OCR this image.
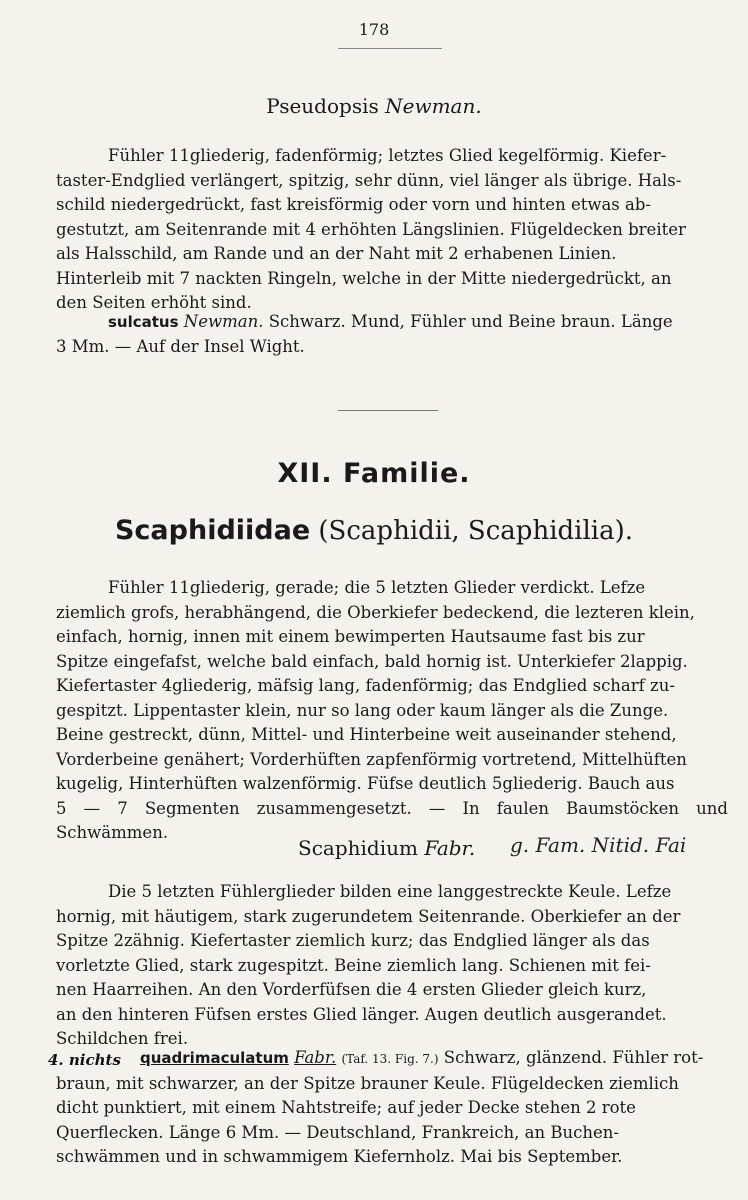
178
Pseudopsis Newman.
Fühler 11gliederig, fadenförmig; letztes Glied kegelförmig. Kiefer-
taster-Endglied verlängert, spitzig, sehr dünn, viel länger als übrige. Hals-
schild niedergedrückt, fast kreisförmig oder vorn und hinten etwas ab-
gestutzt, am Seitenrande mit 4 erhöhten Längslinien. Flügeldecken breiter
als Halsschild, am Rande und an der Naht mit 2 erhabenen Linien.
Hinterleib mit 7 nackten Ringeln, welche in der Mitte niedergedrückt, an
den Seiten erhöht sind.
sulcatus Newman. Schwarz. Mund, Fühler und Beine braun. Länge
3 Mm. — Auf der Insel Wight.
XII. Familie.
Scaphidiidae (Scaphidii, Scaphidilia).
Fühler 11gliederig, gerade; die 5 letzten Glieder verdickt. Lefze
ziemlich grofs, herabhängend, die Oberkiefer bedeckend, die lezteren klein,
einfach, hornig, innen mit einem bewimperten Hautsaume fast bis zur
Spitze eingefafst, welche bald einfach, bald hornig ist. Unterkiefer 2lappig.
Kiefertaster 4gliederig, mäfsig lang, fadenförmig; das Endglied scharf zu-
gespitzt. Lippentaster klein, nur so lang oder kaum länger als die Zunge.
Beine gestreckt, dünn, Mittel- und Hinterbeine weit auseinander stehend,
Vorderbeine genähert; Vorderhüften zapfenförmig vortretend, Mittelhüften
kugelig, Hinterhüften walzenförmig. Füfse deutlich 5gliederig. Bauch aus
5 — 7 Segmenten zusammengesetzt. — In faulen Baumstöcken und Schwämmen.
Scaphidium Fabr. g. Fam. Nitid. Fai
Die 5 letzten Fühlerglieder bilden eine langgestreckte Keule. Lefze
hornig, mit häutigem, stark zugerundetem Seitenrande. Oberkiefer an der
Spitze 2zähnig. Kiefertaster ziemlich kurz; das Endglied länger als das
vorletzte Glied, stark zugespitzt. Beine ziemlich lang. Schienen mit fei-
nen Haarreihen. An den Vorderfüfsen die 4 ersten Glieder gleich kurz,
an den hinteren Füfsen erstes Glied länger. Augen deutlich ausgerandet.
Schildchen frei.
4. nichts	quadrimaculatum Fabr. (Taf. 13. Fig. 7.) Schwarz, glänzend. Fühler rot-
braun, mit schwarzer, an der Spitze brauner Keule. Flügeldecken ziemlich
dicht punktiert, mit einem Nahtstreife; auf jeder Decke stehen 2 rote
Querflecken. Länge 6 Mm. — Deutschland, Frankreich, an Buchen-
schwämmen und in schwammigem Kiefernholz. Mai bis September.
